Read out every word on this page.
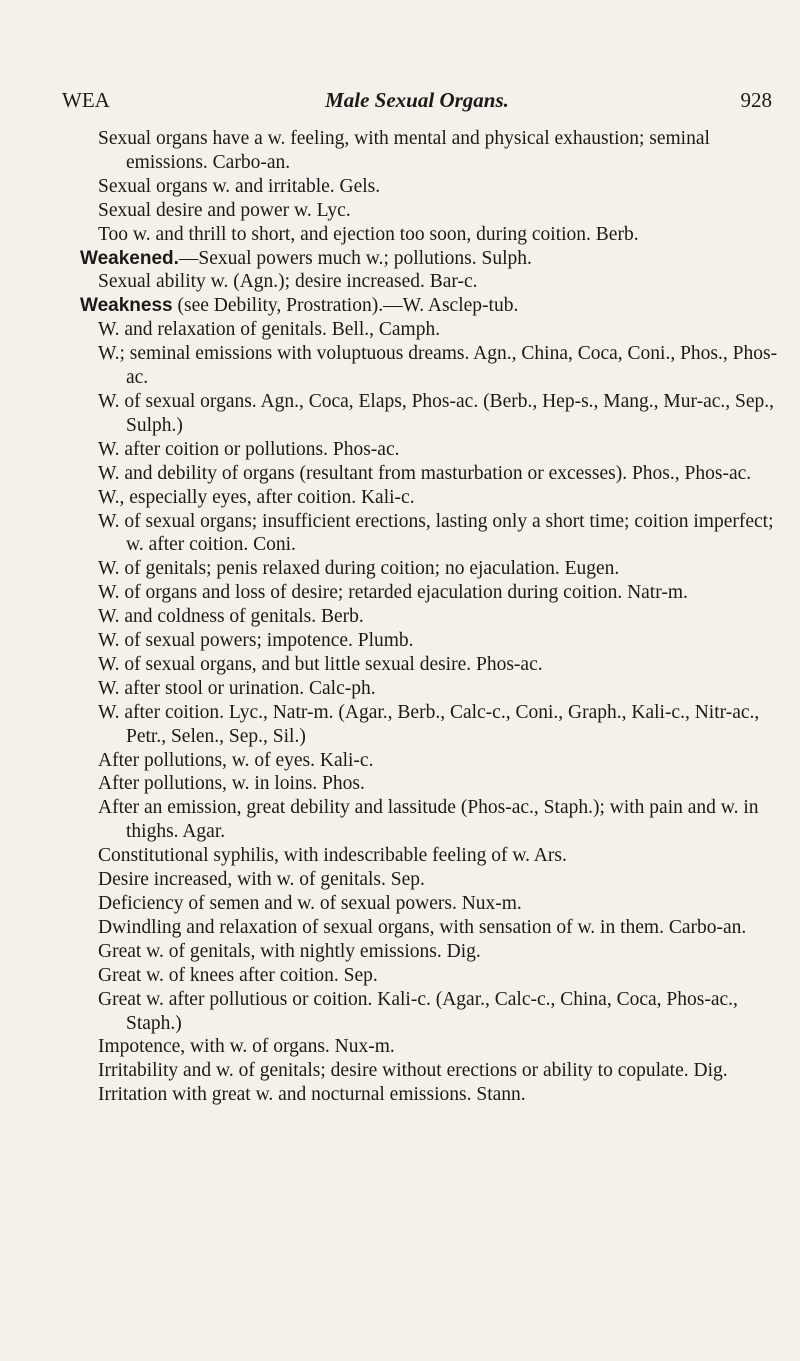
WEA	Male Sexual Organs.	928

Sexual organs have a w. feeling, with mental and physical exhaustion; seminal emissions. Carbo-an.

Sexual organs w. and irritable. Gels.

Sexual desire and power w. Lyc.

Too w. and thrill to short, and ejection too soon, during coition. Berb.

Weakened.—Sexual powers much w.; pollutions. Sulph.

Sexual ability w. (Agn.); desire increased. Bar-c.

Weakness (see Debility, Prostration).—W. Asclep-tub.

W. and relaxation of genitals. Bell., Camph.

W.; seminal emissions with voluptuous dreams. Agn., China, Coca, Coni., Phos., Phos-ac.

W. of sexual organs. Agn., Coca, Elaps, Phos-ac. (Berb., Hep-s., Mang., Mur-ac., Sep., Sulph.)

W. after coition or pollutions. Phos-ac.

W. and debility of organs (resultant from masturbation or excesses). Phos., Phos-ac.

W., especially eyes, after coition. Kali-c.

W. of sexual organs; insufficient erections, lasting only a short time; coition imperfect; w. after coition. Coni.

W. of genitals; penis relaxed during coition; no ejaculation. Eugen.

W. of organs and loss of desire; retarded ejaculation during coition. Natr-m.

W. and coldness of genitals. Berb.

W. of sexual powers; impotence. Plumb.

W. of sexual organs, and but little sexual desire. Phos-ac.

W. after stool or urination. Calc-ph.

W. after coition. Lyc., Natr-m. (Agar., Berb., Calc-c., Coni., Graph., Kali-c., Nitr-ac., Petr., Selen., Sep., Sil.)

After pollutions, w. of eyes. Kali-c.

After pollutions, w. in loins. Phos.

After an emission, great debility and lassitude (Phos-ac., Staph.); with pain and w. in thighs. Agar.

Constitutional syphilis, with indescribable feeling of w. Ars.

Desire increased, with w. of genitals. Sep.

Deficiency of semen and w. of sexual powers. Nux-m.

Dwindling and relaxation of sexual organs, with sensation of w. in them. Carbo-an.

Great w. of genitals, with nightly emissions. Dig.

Great w. of knees after coition. Sep.

Great w. after pollutious or coition. Kali-c. (Agar., Calc-c., China, Coca, Phos-ac., Staph.)

Impotence, with w. of organs. Nux-m.

Irritability and w. of genitals; desire without erections or ability to copulate. Dig.

Irritation with great w. and nocturnal emissions. Stann.
